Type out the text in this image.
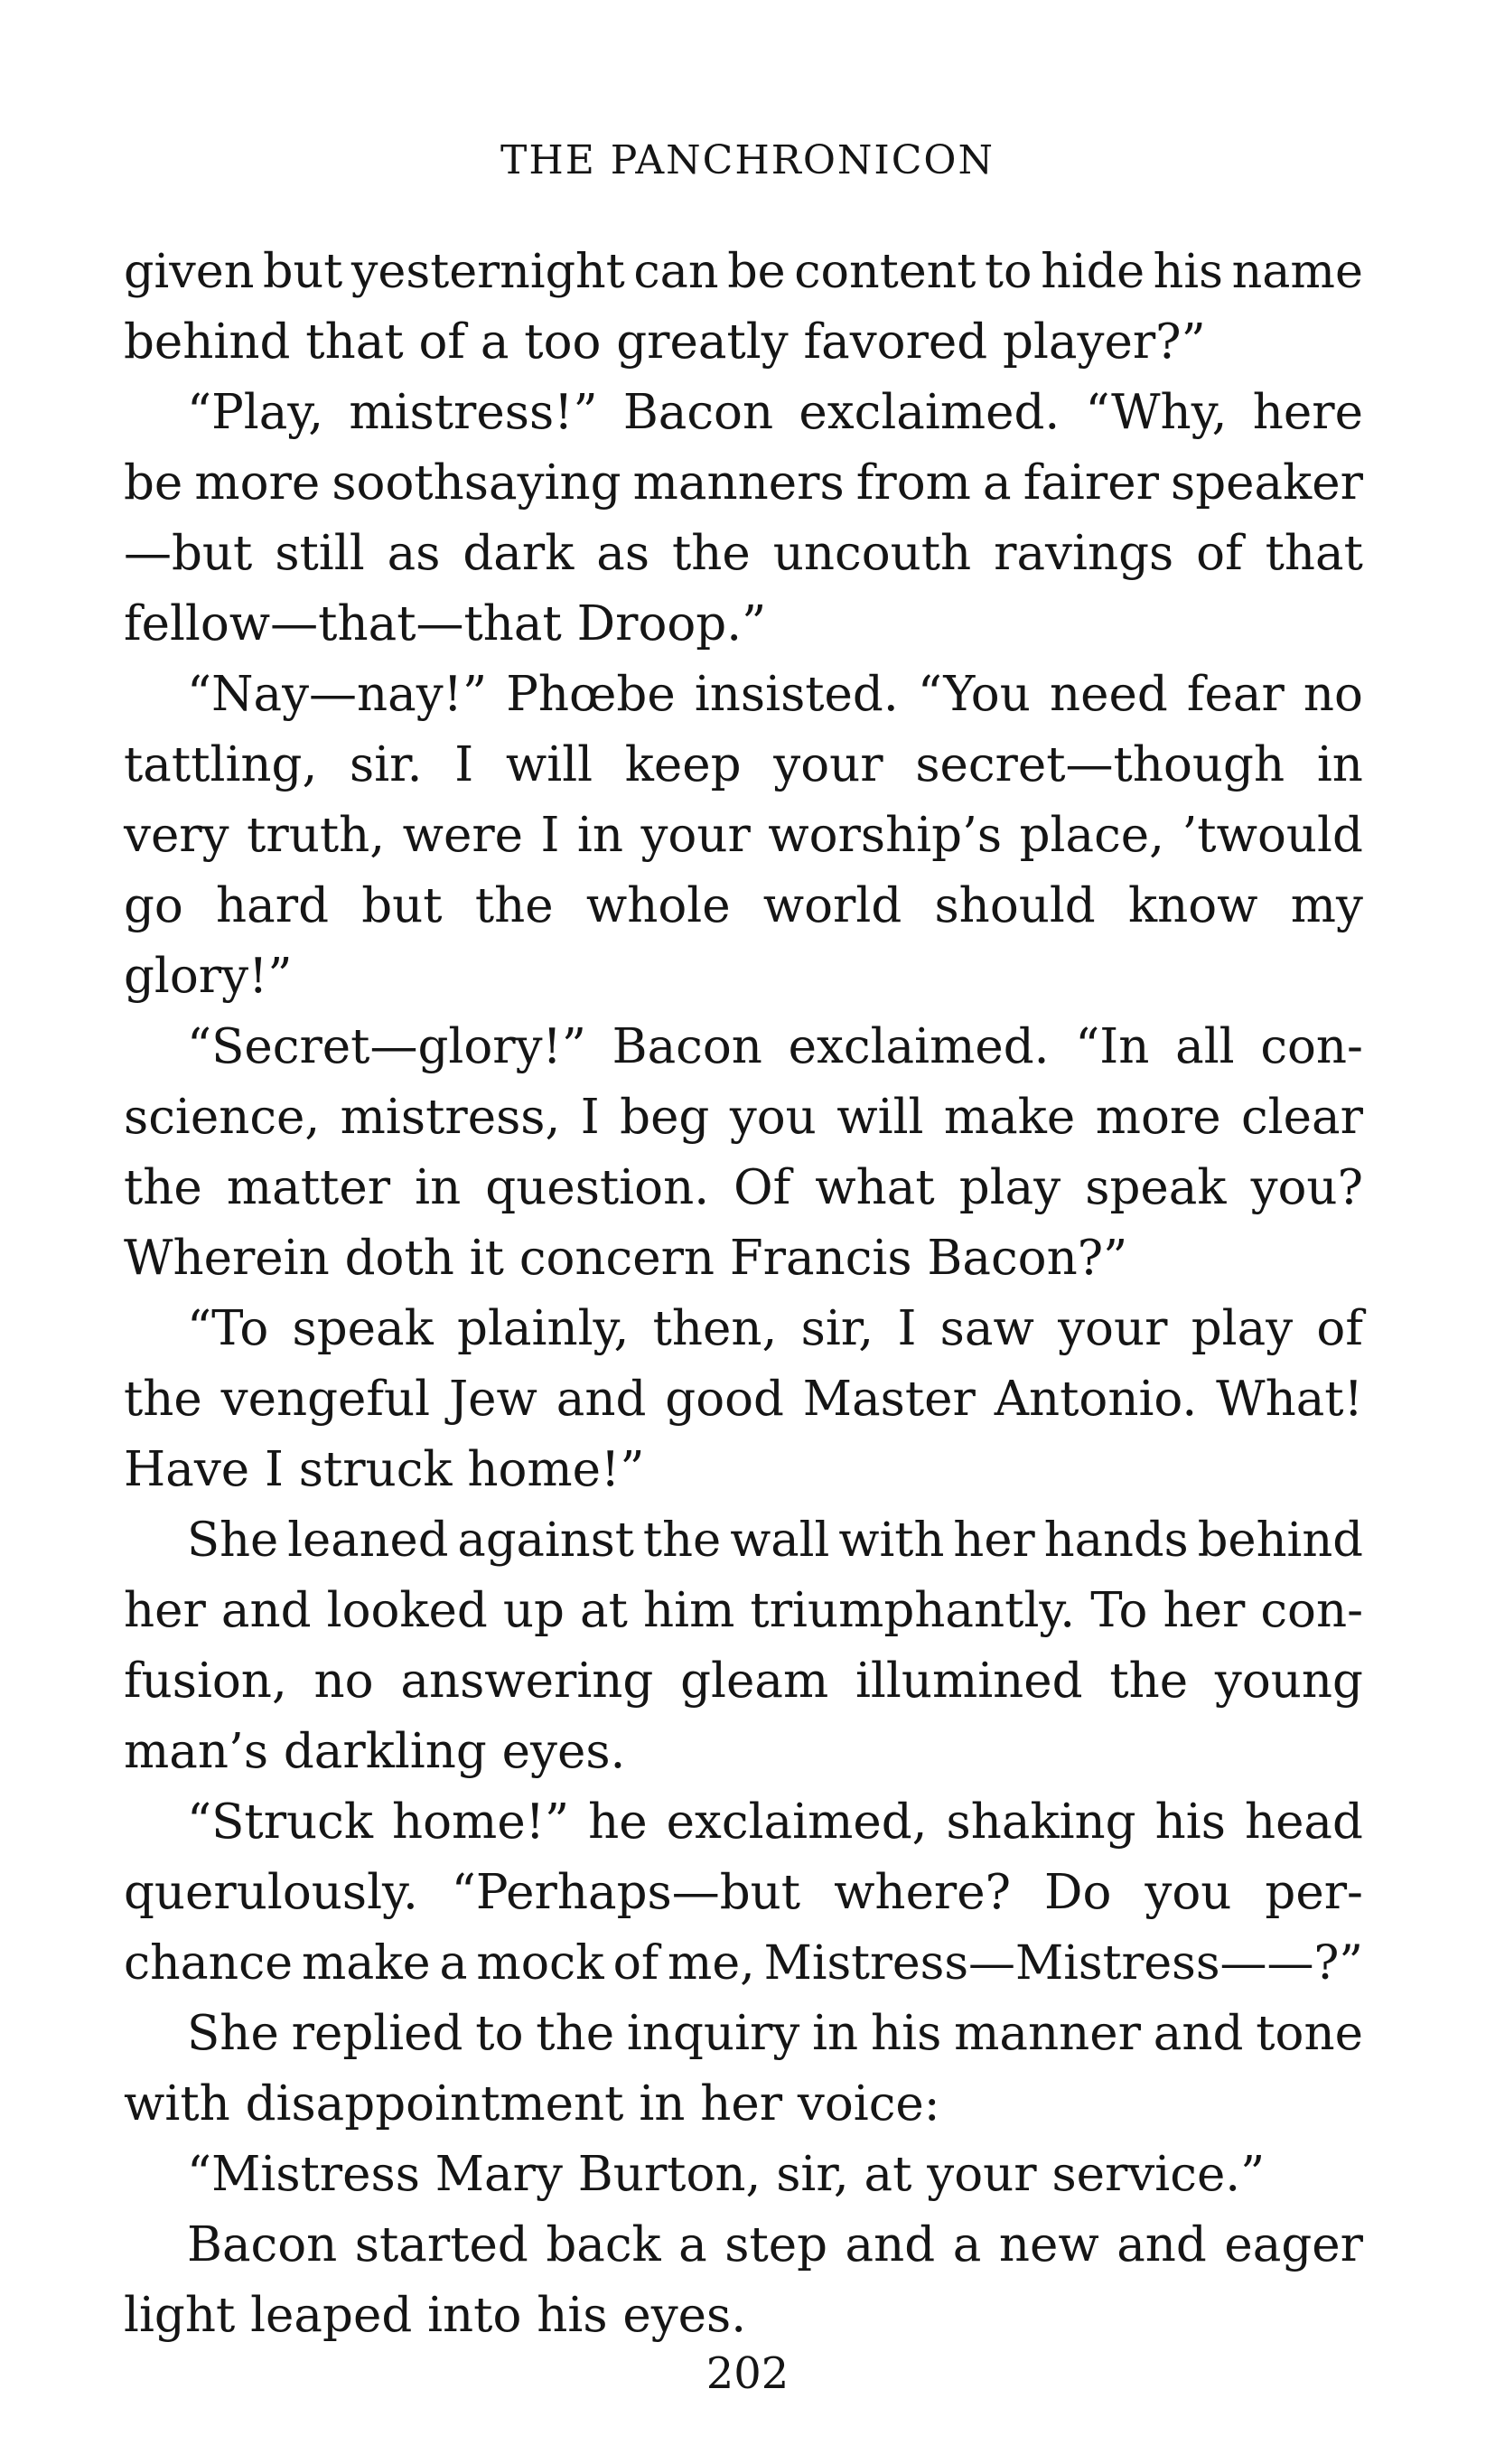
THE PANCHRONICON
given but yesternight can be content to hide his name
behind that of a too greatly favored player?”
“Play, mistress!” Bacon exclaimed. “Why, here
be more soothsaying manners from a fairer speaker
—but still as dark as the uncouth ravings of that
fellow—that—that Droop.”
“Nay—nay!” Phœbe insisted. “You need fear no
tattling, sir. I will keep your secret—though in
very truth, were I in your worship’s place, ’twould
go hard but the whole world should know my
glory!”
“Secret—glory!” Bacon exclaimed. “In all con-
science, mistress, I beg you will make more clear
the matter in question. Of what play speak you?
Wherein doth it concern Francis Bacon?”
“To speak plainly, then, sir, I saw your play of
the vengeful Jew and good Master Antonio. What!
Have I struck home!”
She leaned against the wall with her hands behind
her and looked up at him triumphantly. To her con-
fusion, no answering gleam illumined the young
man’s darkling eyes.
“Struck home!” he exclaimed, shaking his head
querulously. “Perhaps—but where? Do you per-
chance make a mock of me, Mistress—Mistress——?”
She replied to the inquiry in his manner and tone
with disappointment in her voice:
“Mistress Mary Burton, sir, at your service.”
Bacon started back a step and a new and eager
light leaped into his eyes.
202
